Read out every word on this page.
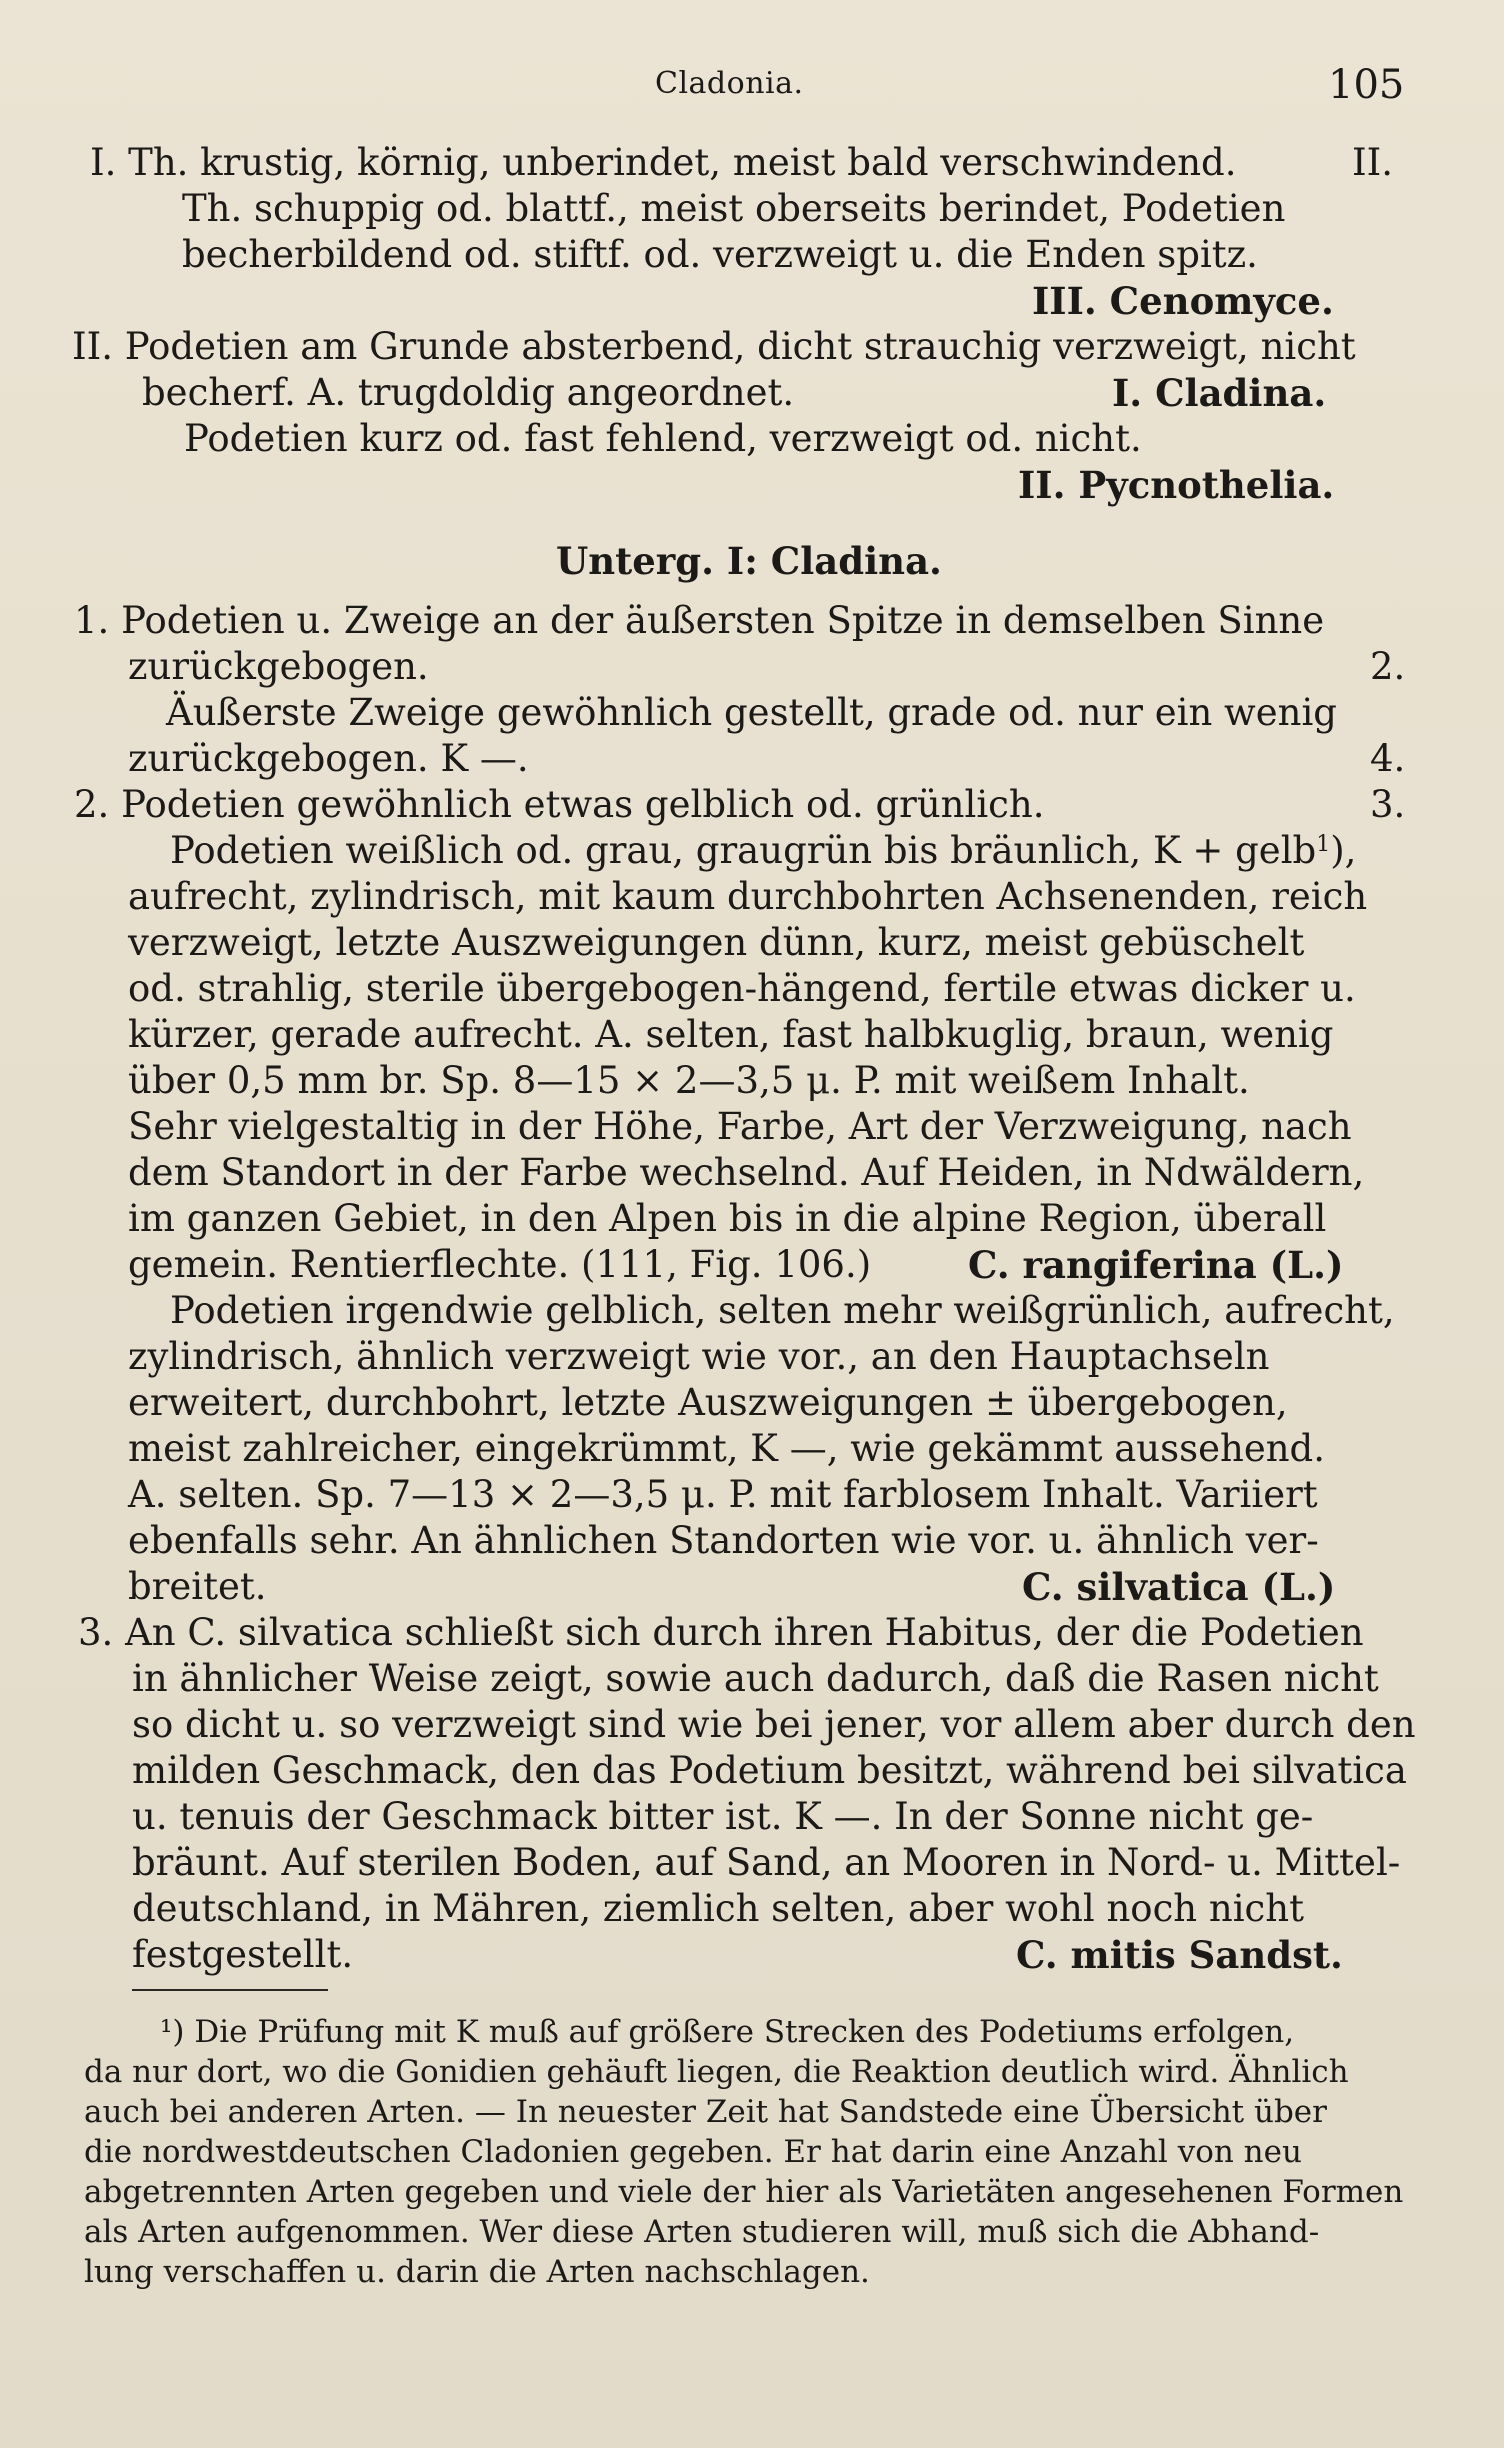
Cladonia.	105
I. Th. krustig, körnig, unberindet, meist bald verschwindend.	II.
Th. schuppig od. blattf., meist oberseits berindet, Podetien
becherbildend od. stiftf. od. verzweigt u. die Enden spitz.
III. Cenomyce.
II. Podetien am Grunde absterbend, dicht strauchig verzweigt, nicht
becherf. A. trugdoldig angeordnet.	I. Cladina.
Podetien kurz od. fast fehlend, verzweigt od. nicht.
II. Pycnothelia.
Unterg. I: Cladina.
1. Podetien u. Zweige an der äußersten Spitze in demselben Sinne
zurückgebogen.	2.
Äußerste Zweige gewöhnlich gestellt, grade od. nur ein wenig
zurückgebogen. K —.	4.
2. Podetien gewöhnlich etwas gelblich od. grünlich.	3.
Podetien weißlich od. grau, graugrün bis bräunlich, K + gelb$^1$),
aufrecht, zylindrisch, mit kaum durchbohrten Achsenenden, reich
verzweigt, letzte Auszweigungen dünn, kurz, meist gebüschelt
od. strahlig, sterile übergebogen-hängend, fertile etwas dicker u.
kürzer, gerade aufrecht. A. selten, fast halbkuglig, braun, wenig
über 0,5 mm br. Sp. 8—15 × 2—3,5 μ. P. mit weißem Inhalt.
Sehr vielgestaltig in der Höhe, Farbe, Art der Verzweigung, nach
dem Standort in der Farbe wechselnd. Auf Heiden, in Ndwäldern,
im ganzen Gebiet, in den Alpen bis in die alpine Region, überall
gemein. Rentierflechte. (111, Fig. 106.)	C. rangiferina (L.)
Podetien irgendwie gelblich, selten mehr weißgrünlich, aufrecht,
zylindrisch, ähnlich verzweigt wie vor., an den Hauptachseln
erweitert, durchbohrt, letzte Auszweigungen ± übergebogen,
meist zahlreicher, eingekrümmt, K —, wie gekämmt aussehend.
A. selten. Sp. 7—13 × 2—3,5 μ. P. mit farblosem Inhalt. Variiert
ebenfalls sehr. An ähnlichen Standorten wie vor. u. ähnlich ver-
breitet.	C. silvatica (L.)
3. An C. silvatica schließt sich durch ihren Habitus, der die Podetien
in ähnlicher Weise zeigt, sowie auch dadurch, daß die Rasen nicht
so dicht u. so verzweigt sind wie bei jener, vor allem aber durch den
milden Geschmack, den das Podetium besitzt, während bei silvatica
u. tenuis der Geschmack bitter ist. K —. In der Sonne nicht ge-
bräunt. Auf sterilen Boden, auf Sand, an Mooren in Nord- u. Mittel-
deutschland, in Mähren, ziemlich selten, aber wohl noch nicht
festgestellt.	C. mitis Sandst.
¹) Die Prüfung mit K muß auf größere Strecken des Podetiums erfolgen,
da nur dort, wo die Gonidien gehäuft liegen, die Reaktion deutlich wird. Ähnlich
auch bei anderen Arten. — In neuester Zeit hat Sandstede eine Übersicht über
die nordwestdeutschen Cladonien gegeben. Er hat darin eine Anzahl von neu
abgetrennten Arten gegeben und viele der hier als Varietäten angesehenen Formen
als Arten aufgenommen. Wer diese Arten studieren will, muß sich die Abhand-
lung verschaffen u. darin die Arten nachschlagen.
